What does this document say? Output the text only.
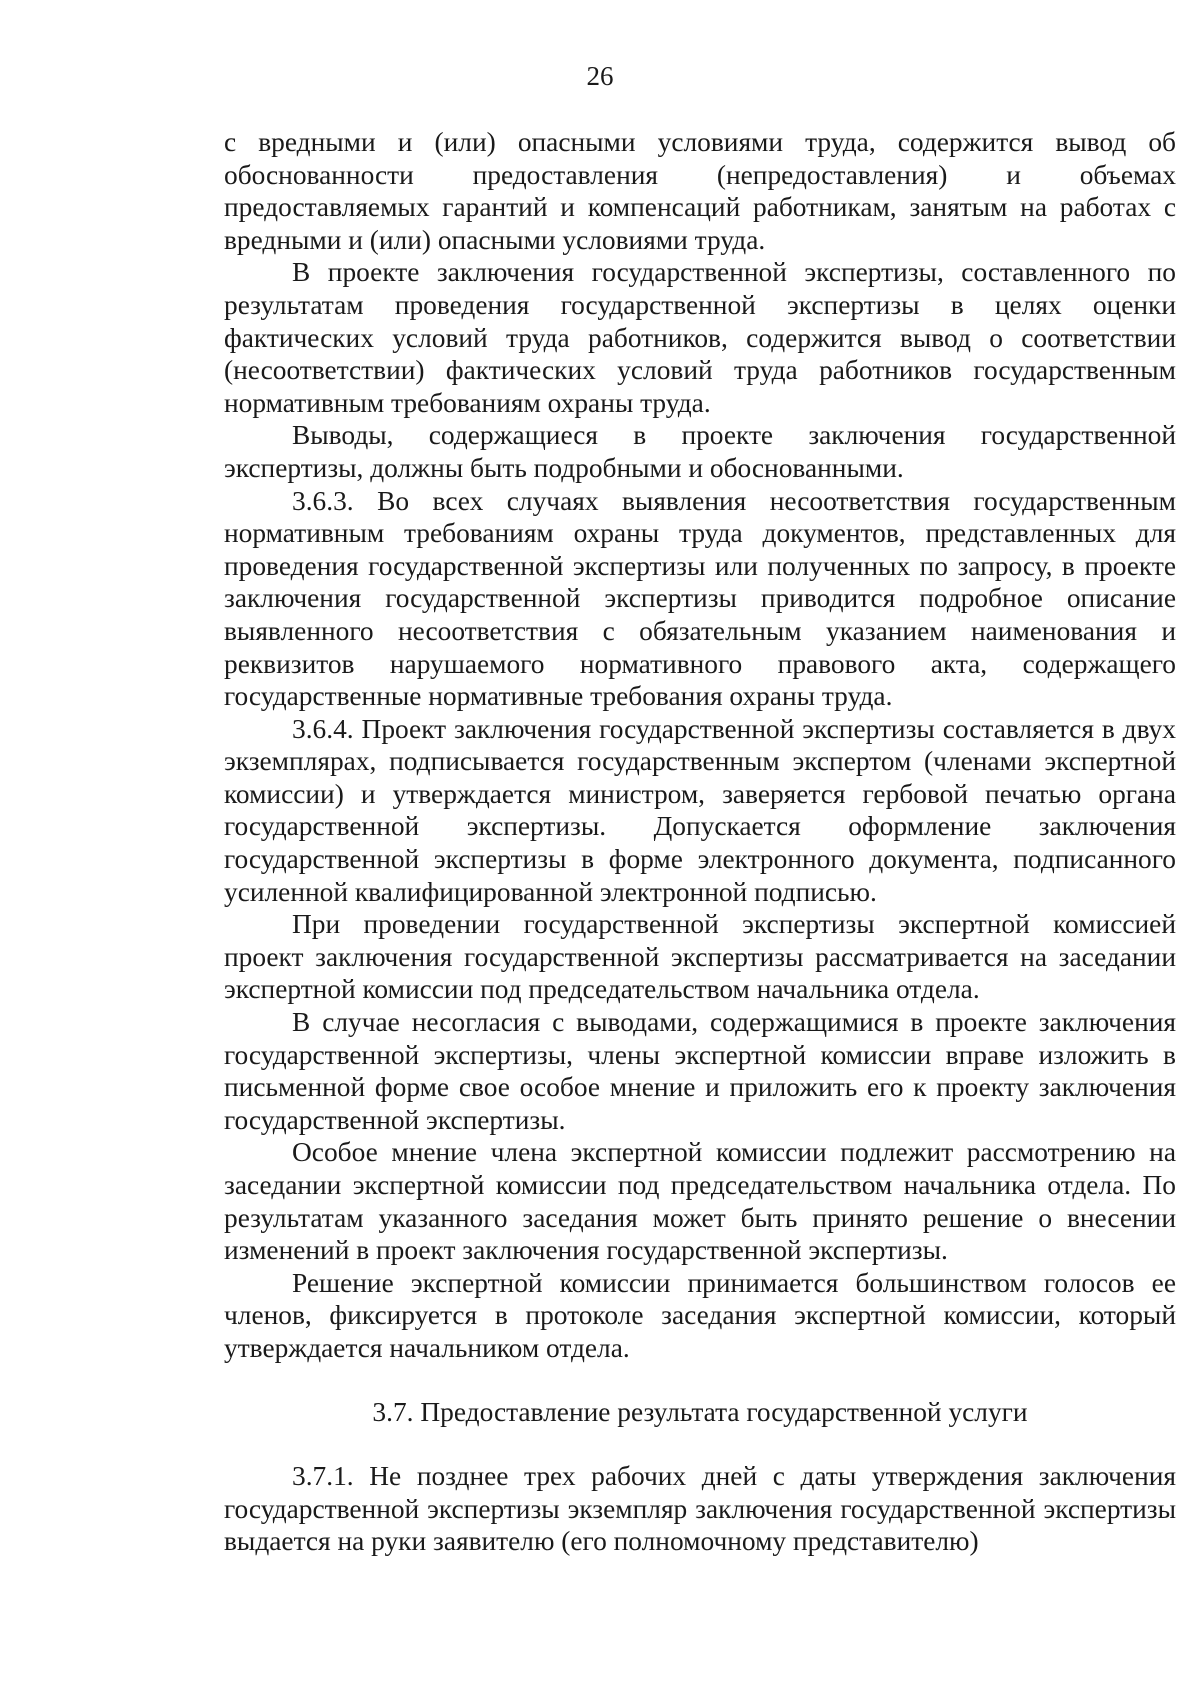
26

с вредными и (или) опасными условиями труда, содержится вывод об обоснованности предоставления (непредоставления) и объемах предоставляемых гарантий и компенсаций работникам, занятым на работах с вредными и (или) опасными условиями труда.

В проекте заключения государственной экспертизы, составленного по результатам проведения государственной экспертизы в целях оценки фактических условий труда работников, содержится вывод о соответствии (несоответствии) фактических условий труда работников государственным нормативным требованиям охраны труда.

Выводы, содержащиеся в проекте заключения государственной экспертизы, должны быть подробными и обоснованными.

3.6.3. Во всех случаях выявления несоответствия государственным нормативным требованиям охраны труда документов, представленных для проведения государственной экспертизы или полученных по запросу, в проекте заключения государственной экспертизы приводится подробное описание выявленного несоответствия с обязательным указанием наименования и реквизитов нарушаемого нормативного правового акта, содержащего государственные нормативные требования охраны труда.

3.6.4. Проект заключения государственной экспертизы составляется в двух экземплярах, подписывается государственным экспертом (членами экспертной комиссии) и утверждается министром, заверяется гербовой печатью органа государственной экспертизы. Допускается оформление заключения государственной экспертизы в форме электронного документа, подписанного усиленной квалифицированной электронной подписью.

При проведении государственной экспертизы экспертной комиссией проект заключения государственной экспертизы рассматривается на заседании экспертной комиссии под председательством начальника отдела.

В случае несогласия с выводами, содержащимися в проекте заключения государственной экспертизы, члены экспертной комиссии вправе изложить в письменной форме свое особое мнение и приложить его к проекту заключения государственной экспертизы.

Особое мнение члена экспертной комиссии подлежит рассмотрению на заседании экспертной комиссии под председательством начальника отдела. По результатам указанного заседания может быть принято решение о внесении изменений в проект заключения государственной экспертизы.

Решение экспертной комиссии принимается большинством голосов ее членов, фиксируется в протоколе заседания экспертной комиссии, который утверждается начальником отдела.

3.7. Предоставление результата государственной услуги

3.7.1. Не позднее трех рабочих дней с даты утверждения заключения государственной экспертизы экземпляр заключения государственной экспертизы выдается на руки заявителю (его полномочному представителю)
